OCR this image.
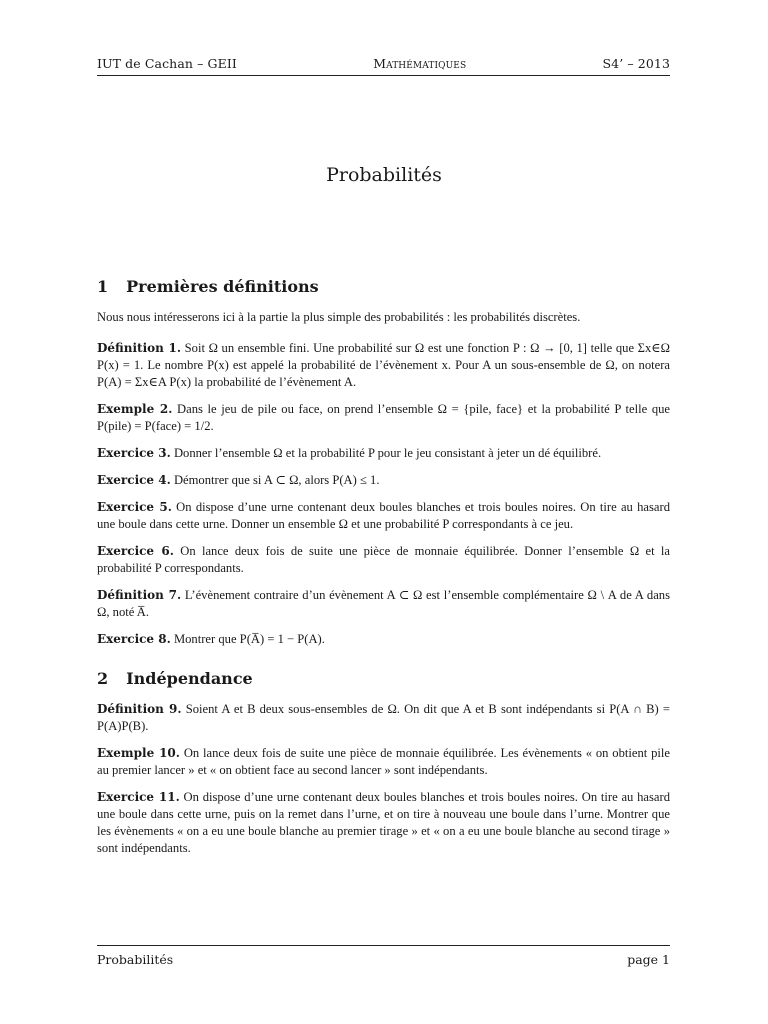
IUT de Cachan – GEII	Mathématiques	S4’ – 2013
Probabilités
1 Premières définitions

Nous nous intéresserons ici à la partie la plus simple des probabilités : les probabilités discrètes.

Définition 1. Soit Ω un ensemble fini. Une probabilité sur Ω est une fonction P : Ω → [0, 1] telle que Σx∈Ω P(x) = 1. Le nombre P(x) est appelé la probabilité de l’évènement x. Pour A un sous-ensemble de Ω, on notera P(A) = Σx∈A P(x) la probabilité de l’évènement A.

Exemple 2. Dans le jeu de pile ou face, on prend l’ensemble Ω = {pile, face} et la probabilité P telle que P(pile) = P(face) = 1/2.

Exercice 3. Donner l’ensemble Ω et la probabilité P pour le jeu consistant à jeter un dé équilibré.

Exercice 4. Démontrer que si A ⊂ Ω, alors P(A) ≤ 1.

Exercice 5. On dispose d’une urne contenant deux boules blanches et trois boules noires. On tire au hasard une boule dans cette urne. Donner un ensemble Ω et une probabilité P correspondants à ce jeu.

Exercice 6. On lance deux fois de suite une pièce de monnaie équilibrée. Donner l’ensemble Ω et la probabilité P correspondants.

Définition 7. L’évènement contraire d’un évènement A ⊂ Ω est l’ensemble complémentaire Ω \ A de A dans Ω, noté A̅.

Exercice 8. Montrer que P(A̅) = 1 − P(A).

2 Indépendance

Définition 9. Soient A et B deux sous-ensembles de Ω. On dit que A et B sont indépendants si P(A ∩ B) = P(A)P(B).

Exemple 10. On lance deux fois de suite une pièce de monnaie équilibrée. Les évènements « on obtient pile au premier lancer » et « on obtient face au second lancer » sont indépendants.

Exercice 11. On dispose d’une urne contenant deux boules blanches et trois boules noires. On tire au hasard une boule dans cette urne, puis on la remet dans l’urne, et on tire à nouveau une boule dans l’urne. Montrer que les évènements « on a eu une boule blanche au premier tirage » et « on a eu une boule blanche au second tirage » sont indépendants.

Probabilités	page 1
